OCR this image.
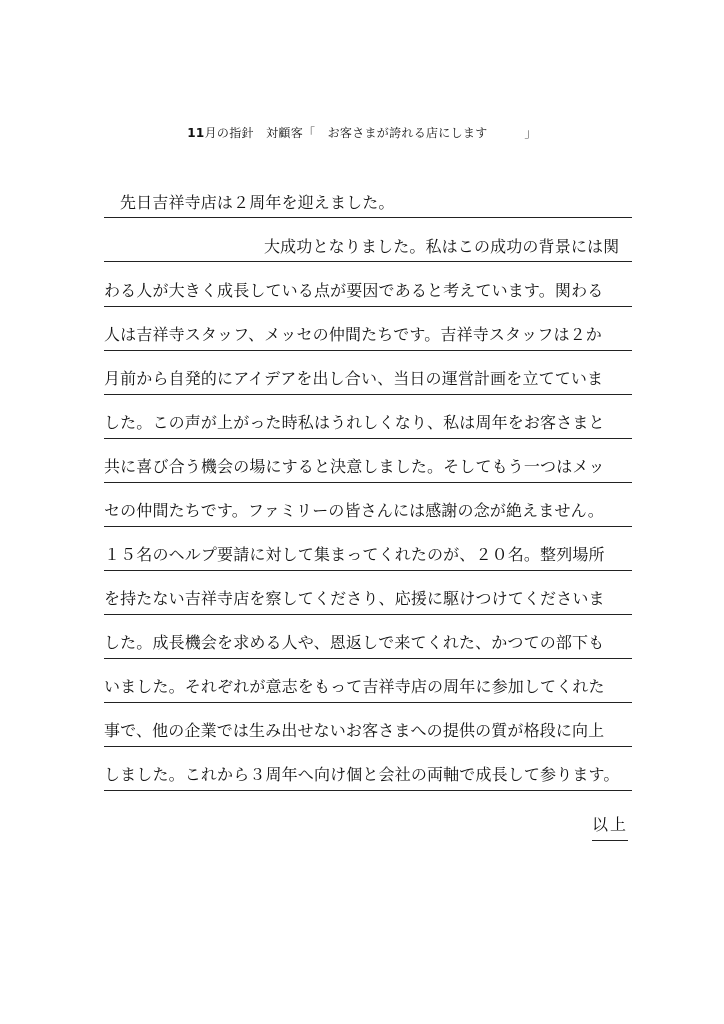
11月の指針　対顧客「　お客さまが誇れる店にします　　　」
先日吉祥寺店は２周年を迎えました。
大成功となりました。私はこの成功の背景には関
わる人が大きく成長している点が要因であると考えています。関わる
人は吉祥寺スタッフ、メッセの仲間たちです。吉祥寺スタッフは２か
月前から自発的にアイデアを出し合い、当日の運営計画を立てていま
した。この声が上がった時私はうれしくなり、私は周年をお客さまと
共に喜び合う機会の場にすると決意しました。そしてもう一つはメッ
セの仲間たちです。ファミリーの皆さんには感謝の念が絶えません。
１５名のヘルプ要請に対して集まってくれたのが、２０名。整列場所
を持たない吉祥寺店を察してくださり、応援に駆けつけてくださいま
した。成長機会を求める人や、恩返しで来てくれた、かつての部下も
いました。それぞれが意志をもって吉祥寺店の周年に参加してくれた
事で、他の企業では生み出せないお客さまへの提供の質が格段に向上
しました。これから３周年へ向け個と会社の両軸で成長して参ります。
以上
